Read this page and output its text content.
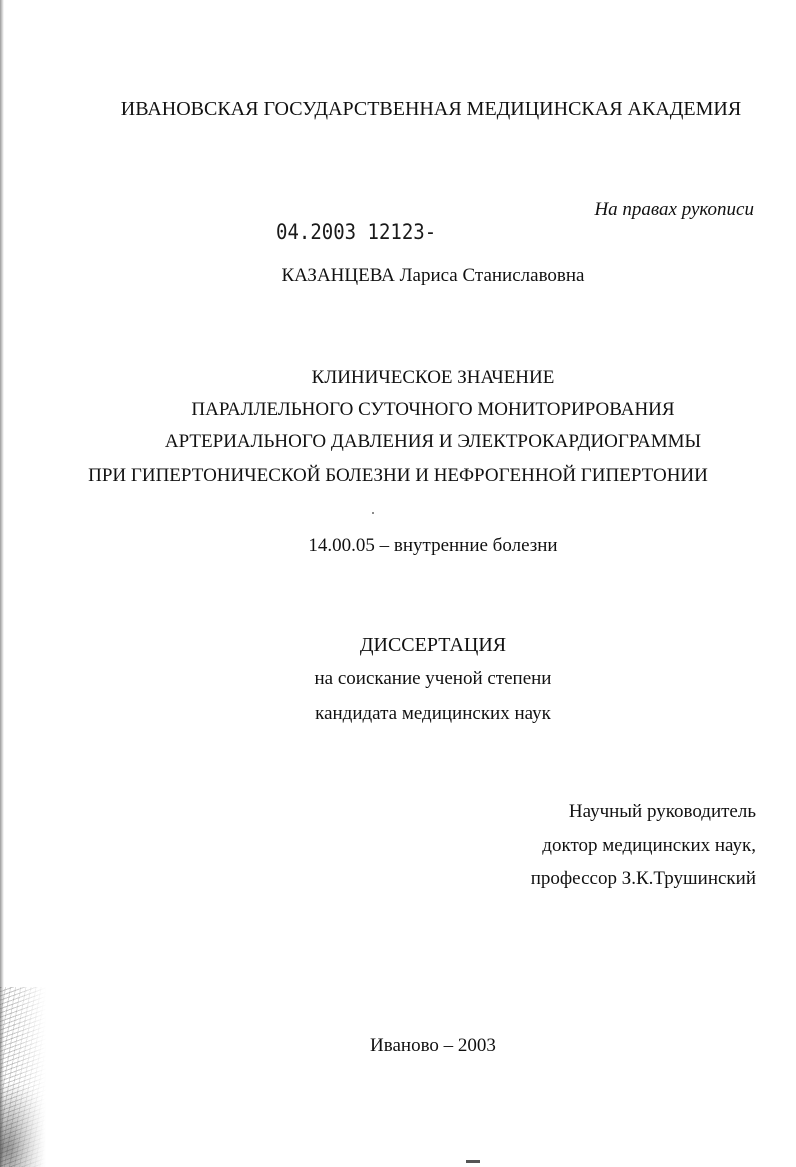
ИВАНОВСКАЯ ГОСУДАРСТВЕННАЯ МЕДИЦИНСКАЯ АКАДЕМИЯ
На правах рукописи
04.2003 12123-
КАЗАНЦЕВА Лариса Станиславовна
КЛИНИЧЕСКОЕ ЗНАЧЕНИЕ
ПАРАЛЛЕЛЬНОГО СУТОЧНОГО МОНИТОРИРОВАНИЯ
АРТЕРИАЛЬНОГО ДАВЛЕНИЯ И ЭЛЕКТРОКАРДИОГРАММЫ
ПРИ ГИПЕРТОНИЧЕСКОЙ БОЛЕЗНИ И НЕФРОГЕННОЙ ГИПЕРТОНИИ
14.00.05 – внутренние болезни
ДИССЕРТАЦИЯ
на соискание ученой степени
кандидата медицинских наук
Научный руководитель
доктор медицинских наук,
профессор З.К.Трушинский
Иваново – 2003
